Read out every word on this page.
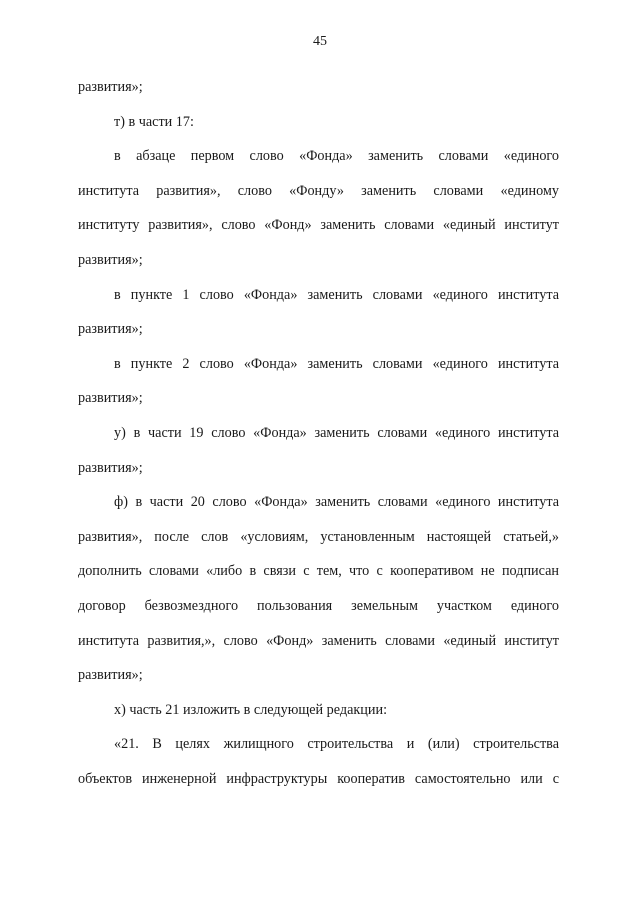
45
развития»;
т) в части 17:
в абзаце первом слово «Фонда» заменить словами «единого
института развития», слово «Фонду» заменить словами «единому
институту развития», слово «Фонд» заменить словами «единый институт
развития»;
в пункте 1 слово «Фонда» заменить словами «единого института
развития»;
в пункте 2 слово «Фонда» заменить словами «единого института
развития»;
у) в части 19 слово «Фонда» заменить словами «единого института
развития»;
ф) в части 20 слово «Фонда» заменить словами «единого института
развития», после слов «условиям, установленным настоящей статьей,»
дополнить словами «либо в связи с тем, что с кооперативом не подписан
договор безвозмездного пользования земельным участком единого
института развития,», слово «Фонд» заменить словами «единый институт
развития»;
х) часть 21 изложить в следующей редакции:
«21. В целях жилищного строительства и (или) строительства
объектов инженерной инфраструктуры кооператив самостоятельно или с
